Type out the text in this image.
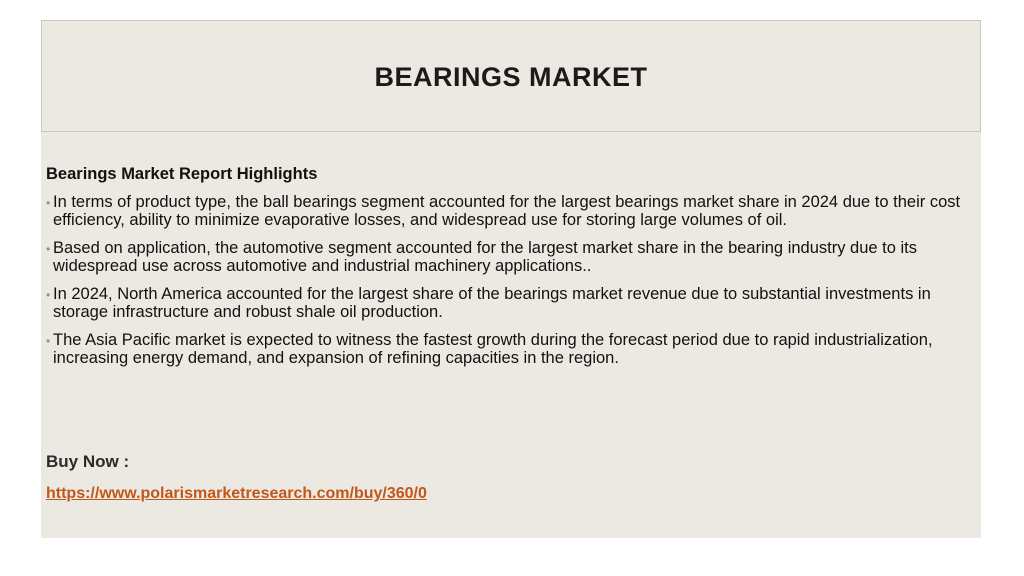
BEARINGS MARKET

Bearings Market Report Highlights

• In terms of product type, the ball bearings segment accounted for the largest bearings market share in 2024 due to their cost efficiency, ability to minimize evaporative losses, and widespread use for storing large volumes of oil.
• Based on application, the automotive segment accounted for the largest market share in the bearing industry due to its widespread use across automotive and industrial machinery applications..
• In 2024, North America accounted for the largest share of the bearings market revenue due to substantial investments in storage infrastructure and robust shale oil production.
• The Asia Pacific market is expected to witness the fastest growth during the forecast period due to rapid industrialization, increasing energy demand, and expansion of refining capacities in the region.
Buy Now :
https://www.polarismarketresearch.com/buy/360/0
